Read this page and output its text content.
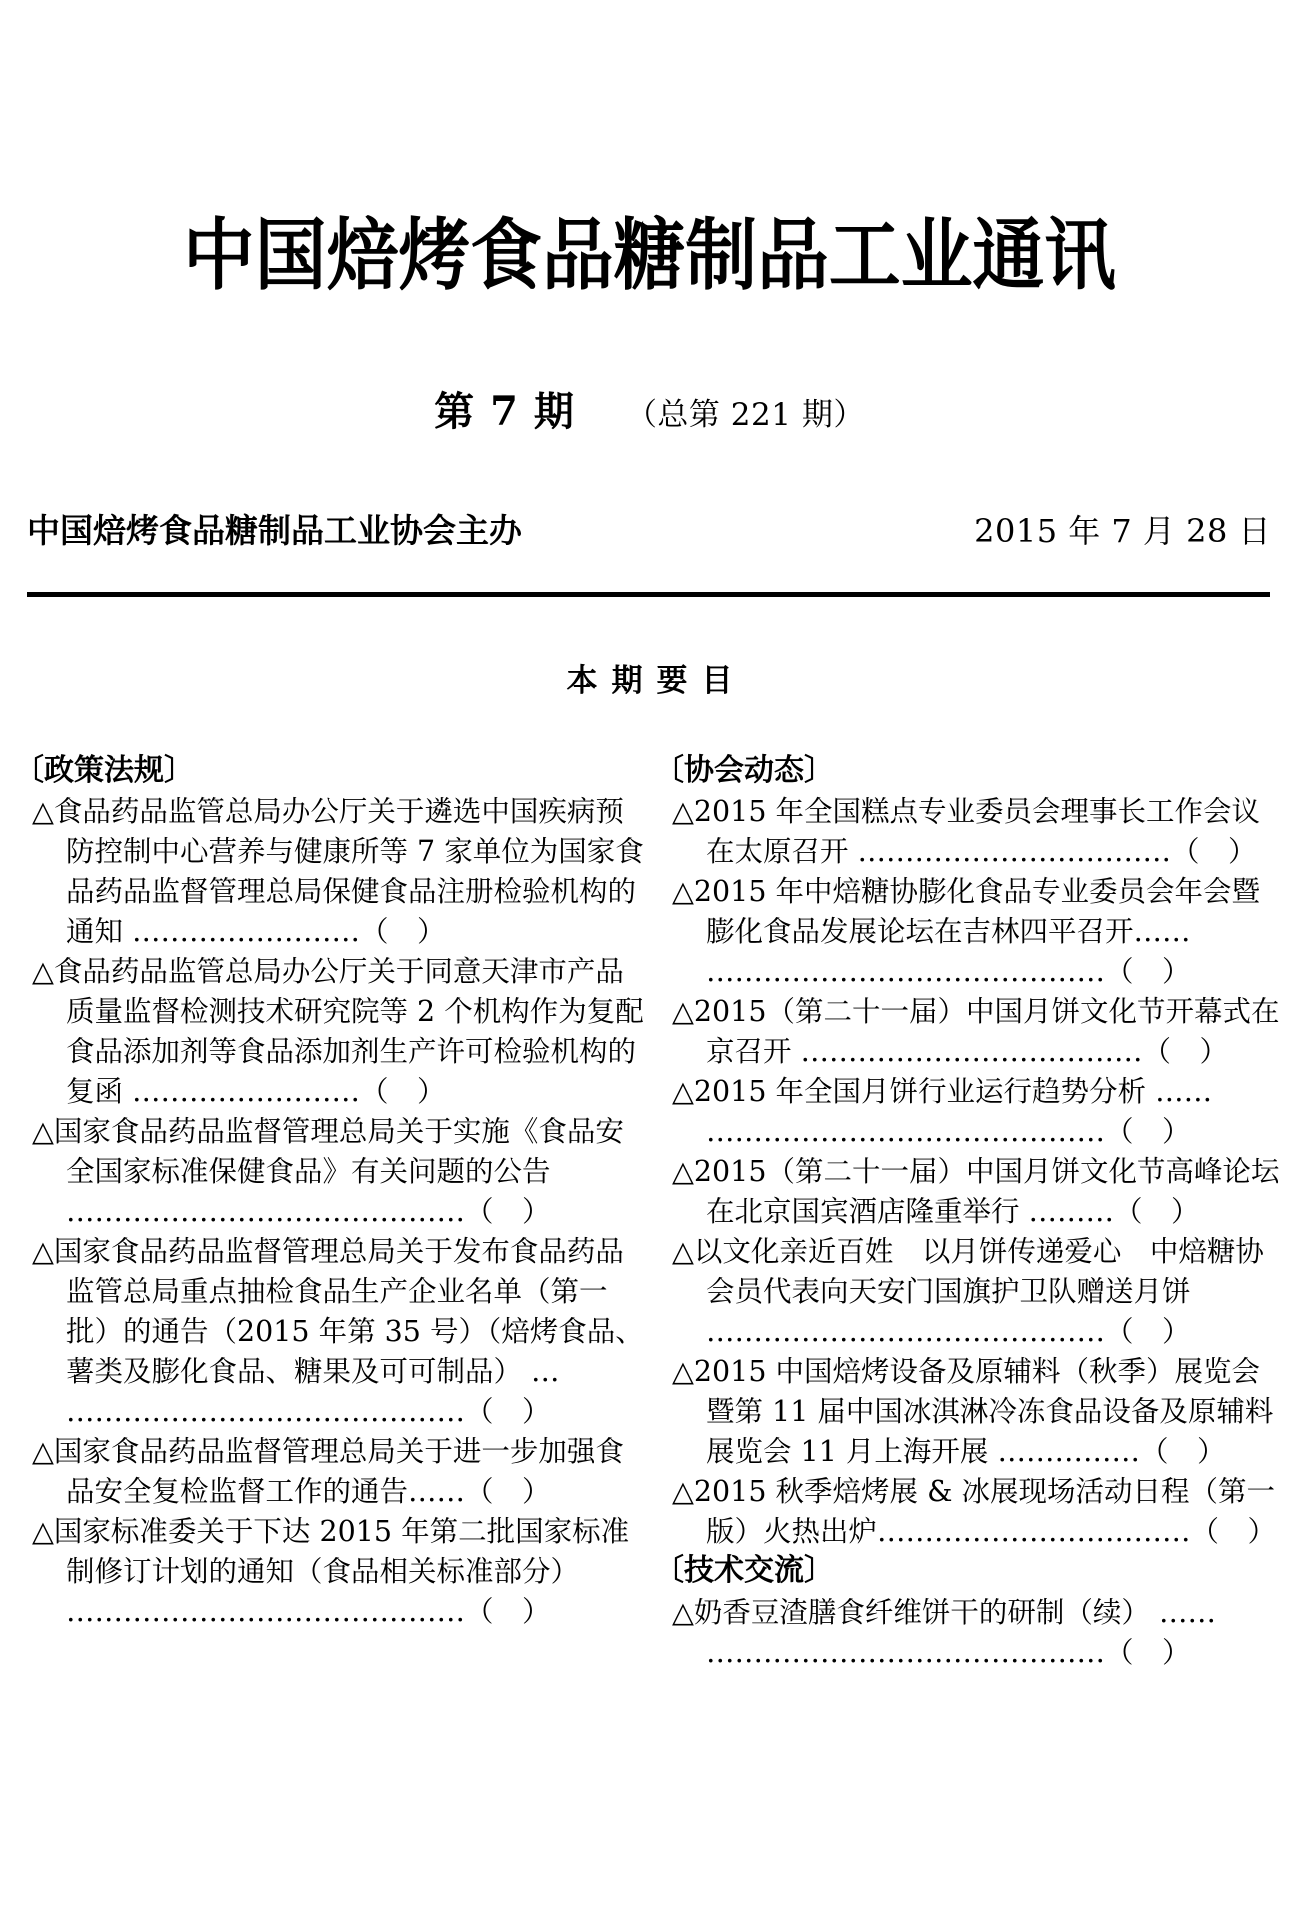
中国焙烤食品糖制品工业通讯
第 7 期 （总第 221 期）
中国焙烤食品糖制品工业协会主办	2015 年 7 月 28 日
本期要目
〔政策法规〕
△食品药品监管总局办公厅关于遴选中国疾病预防控制中心营养与健康所等 7 家单位为国家食品药品监督管理总局保健食品注册检验机构的通知 ……………………（　）
△食品药品监管总局办公厅关于同意天津市产品质量监督检测技术研究院等 2 个机构作为复配食品添加剂等食品添加剂生产许可检验机构的复函 ……………………（　）
△国家食品药品监督管理总局关于实施《食品安全国家标准保健食品》有关问题的公告 ……………………………………（　）
△国家食品药品监督管理总局关于发布食品药品监管总局重点抽检食品生产企业名单（第一批）的通告（2015 年第 35 号）（焙烤食品、薯类及膨化食品、糖果及可可制品） … ……………………………………（　）
△国家食品药品监督管理总局关于进一步加强食品安全复检监督工作的通告……（　）
△国家标准委关于下达 2015 年第二批国家标准制修订计划的通知（食品相关标准部分） ……………………………………（　）
〔协会动态〕
△2015 年全国糕点专业委员会理事长工作会议在太原召开 ……………………………（　）
△2015 年中焙糖协膨化食品专业委员会年会暨膨化食品发展论坛在吉林四平召开…… ……………………………………（　）
△2015（第二十一届）中国月饼文化节开幕式在京召开 ………………………………（　）
△2015 年全国月饼行业运行趋势分析 …… ……………………………………（　）
△2015（第二十一届）中国月饼文化节高峰论坛在北京国宾酒店隆重举行 ………（　）
△以文化亲近百姓　以月饼传递爱心　中焙糖协会员代表向天安门国旗护卫队赠送月饼 ……………………………………（　）
△2015 中国焙烤设备及原辅料（秋季）展览会暨第 11 届中国冰淇淋冷冻食品设备及原辅料展览会 11 月上海开展 ……………（　）
△2015 秋季焙烤展 & 冰展现场活动日程（第一版）火热出炉……………………………（　）
〔技术交流〕
△奶香豆渣膳食纤维饼干的研制（续） …… ……………………………………（　）
